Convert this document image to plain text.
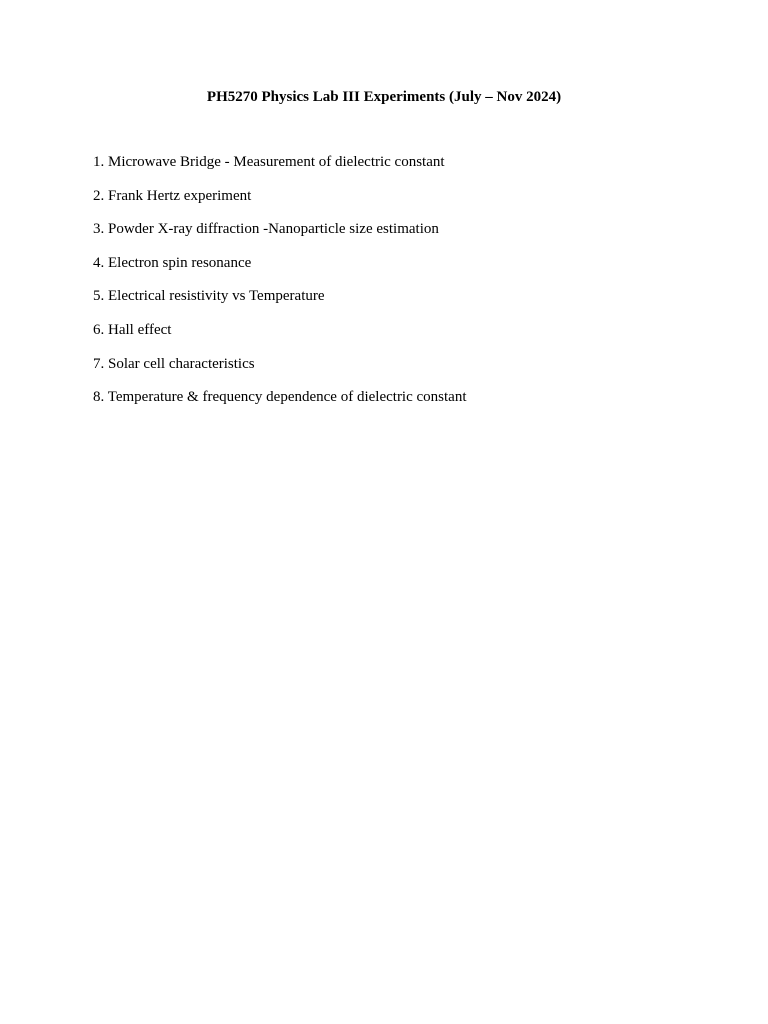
PH5270 Physics Lab III Experiments (July – Nov 2024)
1. Microwave Bridge - Measurement of dielectric constant
2. Frank Hertz experiment
3. Powder X-ray diffraction -Nanoparticle size estimation
4. Electron spin resonance
5. Electrical resistivity vs Temperature
6. Hall effect
7. Solar cell characteristics
8. Temperature & frequency dependence of dielectric constant
